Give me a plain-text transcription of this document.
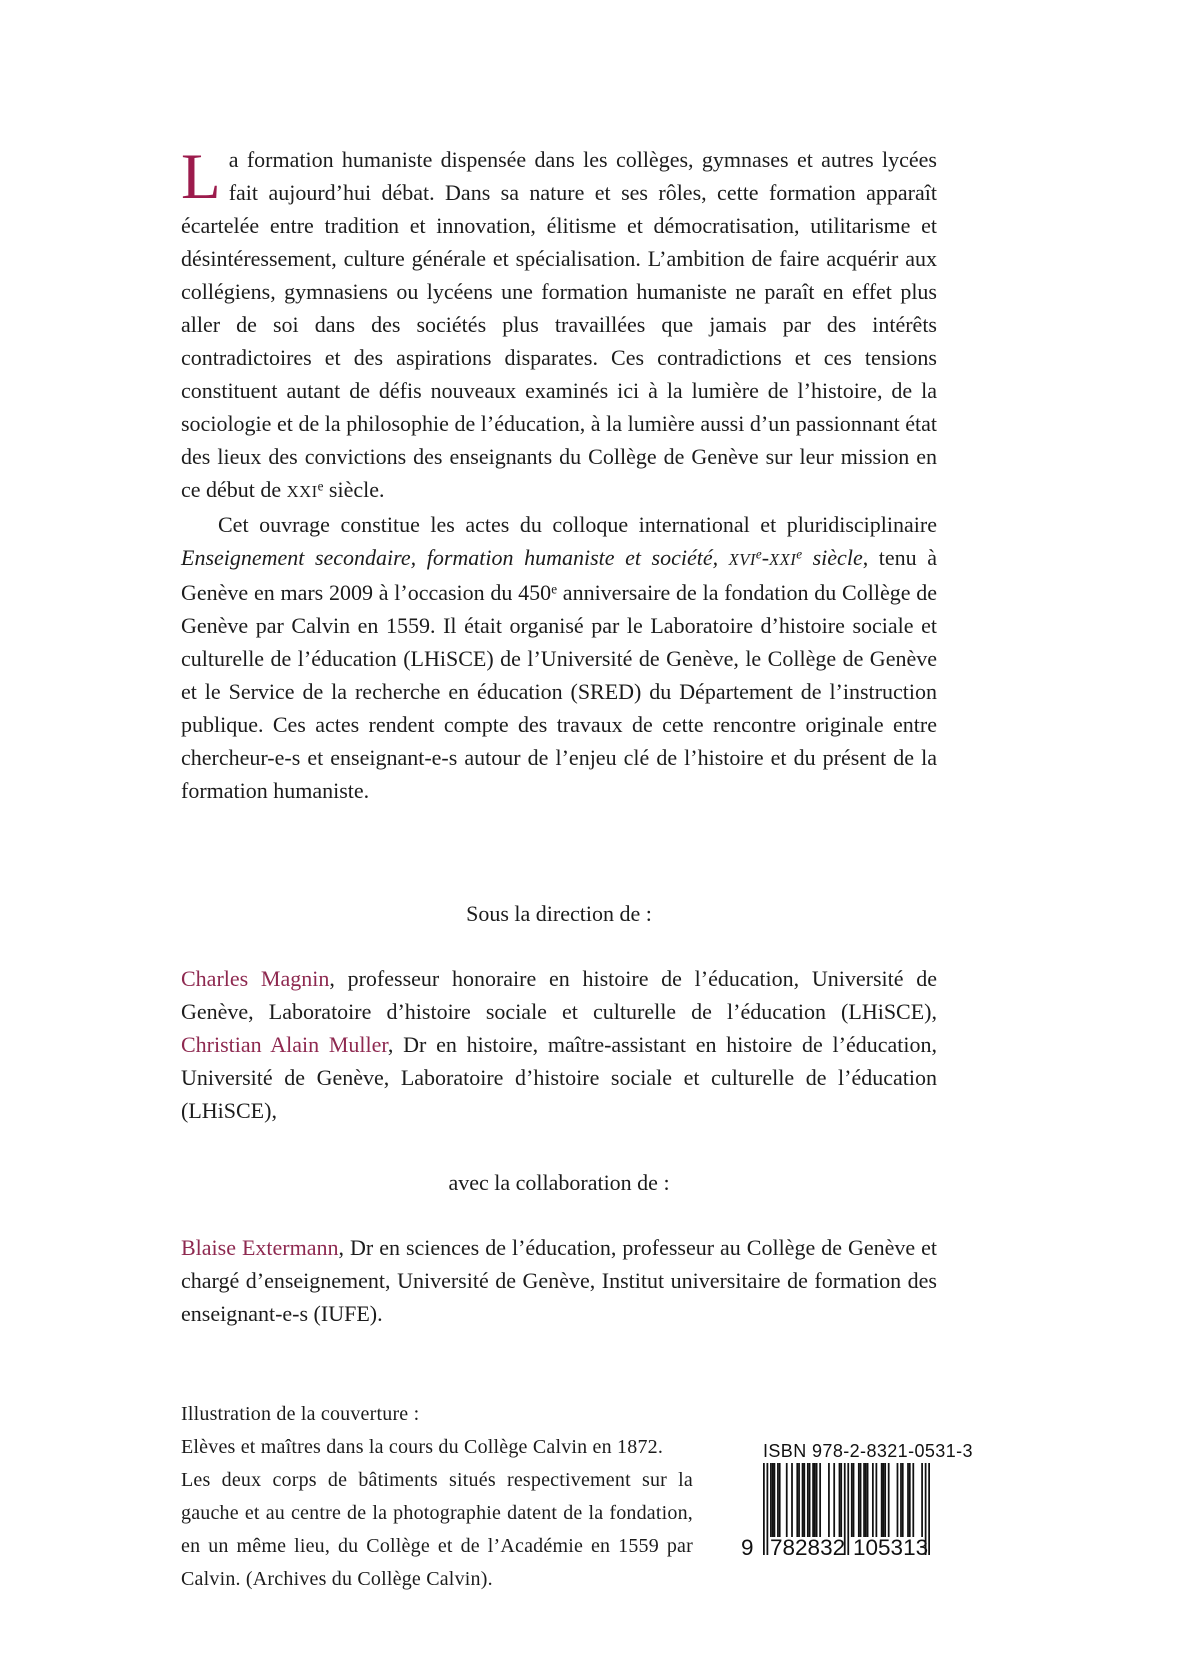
La formation humaniste dispensée dans les collèges, gymnases et autres lycées fait aujourd’hui débat. Dans sa nature et ses rôles, cette formation apparaît écartelée entre tradition et innovation, élitisme et démocratisation, utilitarisme et désintéressement, culture générale et spécialisation. L’ambition de faire acquérir aux collégiens, gymnasiens ou lycéens une formation humaniste ne paraît en effet plus aller de soi dans des sociétés plus travaillées que jamais par des intérêts contradictoires et des aspirations disparates. Ces contradictions et ces tensions constituent autant de défis nouveaux examinés ici à la lumière de l’histoire, de la sociologie et de la philosophie de l’éducation, à la lumière aussi d’un passionnant état des lieux des convictions des enseignants du Collège de Genève sur leur mission en ce début de XXIe siècle.

Cet ouvrage constitue les actes du colloque international et pluridisciplinaire Enseignement secondaire, formation humaniste et société, XVIe-XXIe siècle, tenu à Genève en mars 2009 à l’occasion du 450e anniversaire de la fondation du Collège de Genève par Calvin en 1559. Il était organisé par le Laboratoire d’histoire sociale et culturelle de l’éducation (LHiSCE) de l’Université de Genève, le Collège de Genève et le Service de la recherche en éducation (SRED) du Département de l’instruction publique. Ces actes rendent compte des travaux de cette rencontre originale entre chercheur-e-s et enseignant-e-s autour de l’enjeu clé de l’histoire et du présent de la formation humaniste.

Sous la direction de :

Charles Magnin, professeur honoraire en histoire de l’éducation, Université de Genève, Laboratoire d’histoire sociale et culturelle de l’éducation (LHiSCE), Christian Alain Muller, Dr en histoire, maître-assistant en histoire de l’éducation, Université de Genève, Laboratoire d’histoire sociale et culturelle de l’éducation (LHiSCE),

avec la collaboration de :

Blaise Extermann, Dr en sciences de l’éducation, professeur au Collège de Genève et chargé d’enseignement, Université de Genève, Institut universitaire de formation des enseignant-e-s (IUFE).

Illustration de la couverture :
Elèves et maîtres dans la cours du Collège Calvin en 1872.
Les deux corps de bâtiments situés respectivement sur la gauche et au centre de la photographie datent de la fondation, en un même lieu, du Collège et de l’Académie en 1559 par Calvin. (Archives du Collège Calvin).
ISBN 978-2-8321-0531-3
9 7 8 2 8 3 2 1 0 5 3 1 3
